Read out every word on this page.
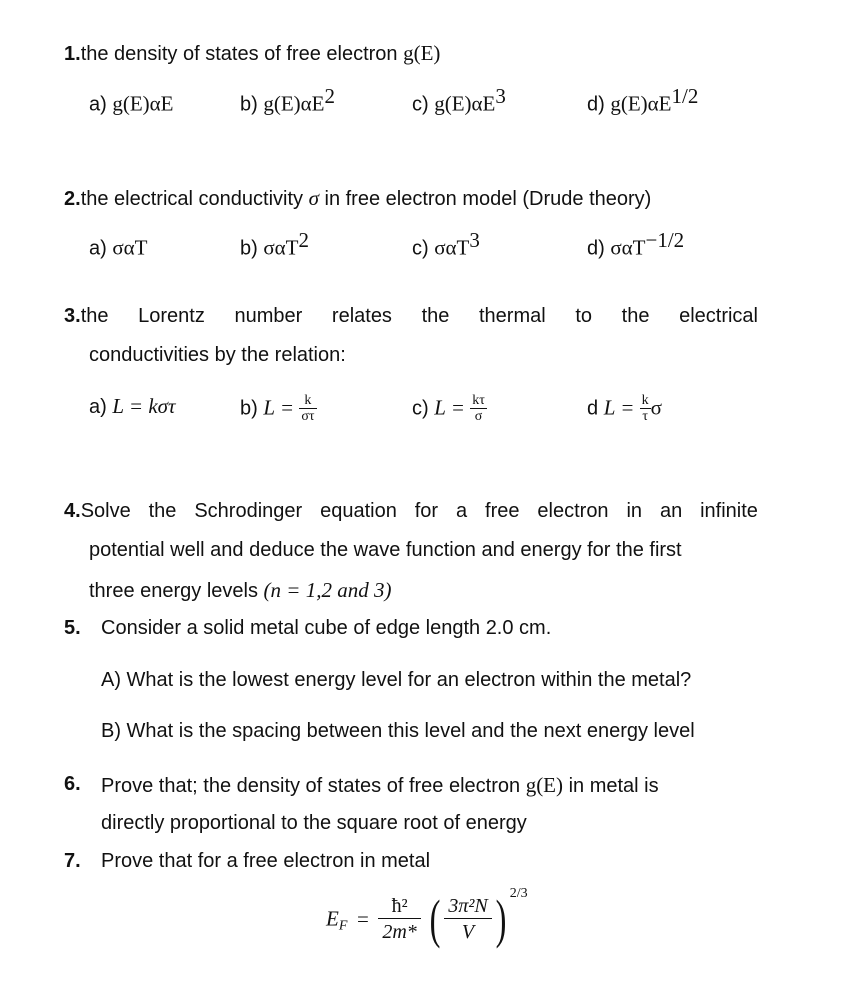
1.the density of states of free electron g(E)
a) g(E)αE	b) $g(E)\alpha E^2$	c) $g(E)\alpha E^3$	d) $g(E)\alpha E^{1/2}$
2.the electrical conductivity σ in free electron model (Drude theory)
a) σαT	b) σαT$^2$	c) σαT$^3$	d) σαT$^{-1/2}$
3.the Lorentz number relates the thermal to the electrical
conductivities by the relation:
a) L = kστ	b) $L = \frac{k}{\sigma\tau}$	c) $L = \frac{k\tau}{\sigma}$	d $L = \frac{k}{\tau}$ σ
4.Solve the Schrodinger equation for a free electron in an infinite
potential well and deduce the wave function and energy for the first
three energy levels (n = 1,2 and 3)
5. Consider a solid metal cube of edge length 2.0 cm.
A) What is the lowest energy level for an electron within the metal?
B) What is the spacing between this level and the next energy level
6. Prove that; the density of states of free electron g(E) in metal is
directly proportional to the square root of energy
7. Prove that for a free electron in metal
$E_F = \frac{\text{ħ²}}{2m*}$ ( $\frac{\text{3π²N}}{V}$ ) $^{2/3}$
